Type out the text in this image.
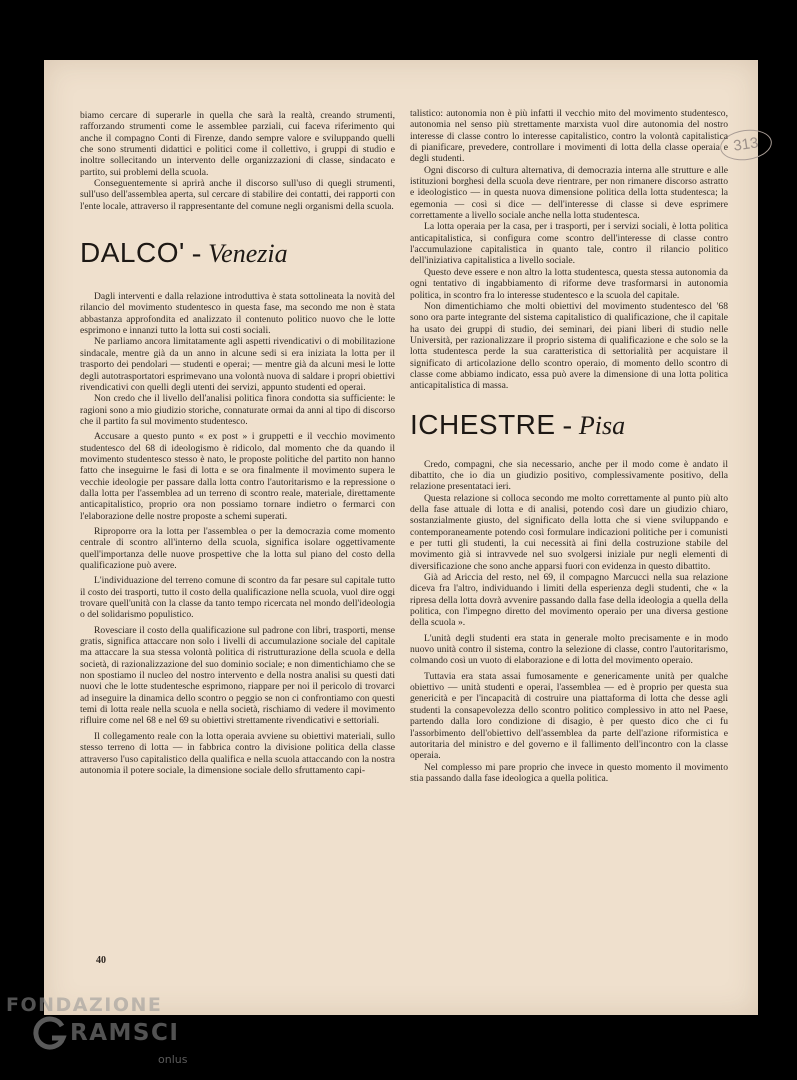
313

biamo cercare di superarle in quella che sarà la realtà, creando strumenti, rafforzando strumenti come le assemblee parziali, cui faceva riferimento qui anche il compagno Conti di Firenze, dando sempre valore e sviluppando quelli che sono strumenti didattici e politici come il collettivo, i gruppi di studio e inoltre sollecitando un intervento delle organizzazioni di classe, sindacato e partito, sui problemi della scuola.

Conseguentemente si aprirà anche il discorso sull'uso di quegli strumenti, sull'uso dell'assemblea aperta, sul cercare di stabilire dei contatti, dei rapporti con l'ente locale, attraverso il rappresentante del comune negli organismi della scuola.

DALCO' - Venezia

Dagli interventi e dalla relazione introduttiva è stata sottolineata la novità del rilancio del movimento studentesco in questa fase, ma secondo me non è stata abbastanza approfondita ed analizzato il contenuto politico nuovo che le lotte esprimono e innanzi tutto la lotta sui costi sociali.

Ne parliamo ancora limitatamente agli aspetti rivendicativi o di mobilitazione sindacale, mentre già da un anno in alcune sedi si era iniziata la lotta per il trasporto dei pendolari — studenti e operai; — mentre già da alcuni mesi le lotte degli autotrasportatori esprimevano una volontà nuova di saldare i propri obiettivi rivendicativi con quelli degli utenti dei servizi, appunto studenti ed operai.

Non credo che il livello dell'analisi politica finora condotta sia sufficiente: le ragioni sono a mio giudizio storiche, connaturate ormai da anni al tipo di discorso che il partito fa sul movimento studentesco.

Accusare a questo punto « ex post » i gruppetti e il vecchio movimento studentesco del 68 di ideologismo è ridicolo, dal momento che da quando il movimento studentesco stesso è nato, le proposte politiche del partito non hanno fatto che inseguirne le fasi di lotta e se ora finalmente il movimento supera le vecchie ideologie per passare dalla lotta contro l'autoritarismo e la repressione o dalla lotta per l'assemblea ad un terreno di scontro reale, materiale, direttamente anticapitalistico, proprio ora non possiamo tornare indietro o fermarci con l'elaborazione delle nostre proposte a schemi superati.

Riproporre ora la lotta per l'assemblea o per la democrazia come momento centrale di scontro all'interno della scuola, significa isolare oggettivamente quell'importanza delle nuove prospettive che la lotta sul piano del costo della qualificazione può avere.

L'individuazione del terreno comune di scontro da far pesare sul capitale tutto il costo dei trasporti, tutto il costo della qualificazione nella scuola, vuol dire oggi trovare quell'unità con la classe da tanto tempo ricercata nel mondo dell'ideologia o del solidarismo populistico.

Rovesciare il costo della qualificazione sul padrone con libri, trasporti, mense gratis, significa attaccare non solo i livelli di accumulazione sociale del capitale ma attaccare la sua stessa volontà politica di ristrutturazione della scuola e della società, di razionalizzazione del suo dominio sociale; e non dimentichiamo che se non spostiamo il nucleo del nostro intervento e della nostra analisi su questi dati nuovi che le lotte studentesche esprimono, riappare per noi il pericolo di trovarci ad inseguire la dinamica dello scontro o peggio se non ci confrontiamo con questi temi di lotta reale nella scuola e nella società, rischiamo di vedere il movimento rifluire come nel 68 e nel 69 su obiettivi strettamente rivendicativi e settoriali.

Il collegamento reale con la lotta operaia avviene su obiettivi materiali, sullo stesso terreno di lotta — in fabbrica contro la divisione politica della classe attraverso l'uso capitalistico della qualifica e nella scuola attaccando con la nostra autonomia il potere sociale, la dimensione sociale dello sfruttamento capi-

talistico: autonomia non è più infatti il vecchio mito del movimento studentesco, autonomia nel senso più strettamente marxista vuol dire autonomia del nostro interesse di classe contro lo interesse capitalistico, contro la volontà capitalistica di pianificare, prevedere, controllare i movimenti di lotta della classe operaia e degli studenti.

Ogni discorso di cultura alternativa, di democrazia interna alle strutture e alle istituzioni borghesi della scuola deve rientrare, per non rimanere discorso astratto e ideologistico — in questa nuova dimensione politica della lotta studentesca; la egemonia — così si dice — dell'interesse di classe si deve esprimere correttamente a livello sociale anche nella lotta studentesca.

La lotta operaia per la casa, per i trasporti, per i servizi sociali, è lotta politica anticapitalistica, si configura come scontro dell'interesse di classe contro l'accumulazione capitalistica in quanto tale, contro il rilancio politico dell'iniziativa capitalistica a livello sociale.

Questo deve essere e non altro la lotta studentesca, questa stessa autonomia da ogni tentativo di ingabbiamento di riforme deve trasformarsi in autonomia politica, in scontro fra lo interesse studentesco e la scuola del capitale.

Non dimentichiamo che molti obiettivi del movimento studentesco del '68 sono ora parte integrante del sistema capitalistico di qualificazione, che il capitale ha usato dei gruppi di studio, dei seminari, dei piani liberi di studio nelle Università, per razionalizzare il proprio sistema di qualificazione e che solo se la lotta studentesca perde la sua caratteristica di settorialità per acquistare il significato di articolazione dello scontro operaio, di momento dello scontro di classe come abbiamo indicato, essa può avere la dimensione di una lotta politica anticapitalistica di massa.

ICHESTRE - Pisa

Credo, compagni, che sia necessario, anche per il modo come è andato il dibattito, che io dia un giudizio positivo, complessivamente positivo, della relazione presentataci ieri.

Questa relazione si colloca secondo me molto correttamente al punto più alto della fase attuale di lotta e di analisi, potendo così dare un giudizio chiaro, sostanzialmente giusto, del significato della lotta che si viene sviluppando e contemporaneamente potendo così formulare indicazioni politiche per i comunisti e per tutti gli studenti, la cui necessità ai fini della costruzione stabile del movimento già si intravvede nel suo svolgersi iniziale pur negli elementi di diversificazione che sono anche apparsi fuori con evidenza in questo dibattito.

Già ad Ariccia del resto, nel 69, il compagno Marcucci nella sua relazione diceva fra l'altro, individuando i limiti della esperienza degli studenti, che « la ripresa della lotta dovrà avvenire passando dalla fase della ideologia a quella della politica, con l'impegno diretto del movimento operaio per una diversa gestione della scuola ».

L'unità degli studenti era stata in generale molto precisamente e in modo nuovo unità contro il sistema, contro la selezione di classe, contro l'autoritarismo, colmando così un vuoto di elaborazione e di lotta del movimento operaio.

Tuttavia era stata assai fumosamente e genericamente unità per qualche obiettivo — unità studenti e operai, l'assemblea — ed è proprio per questa sua genericità e per l'incapacità di costruire una piattaforma di lotta che desse agli studenti la consapevolezza dello scontro politico complessivo in atto nel Paese, partendo dalla loro condizione di disagio, è per questo dico che ci fu l'assorbimento dell'obiettivo dell'assemblea da parte dell'azione riformistica e autoritaria del ministro e del governo e il fallimento dell'incontro con la classe operaia.

Nel complesso mi pare proprio che invece in questo momento il movimento stia passando dalla fase ideologica a quella politica.

40
FONDAZIONE
RAMSCI
onlus
